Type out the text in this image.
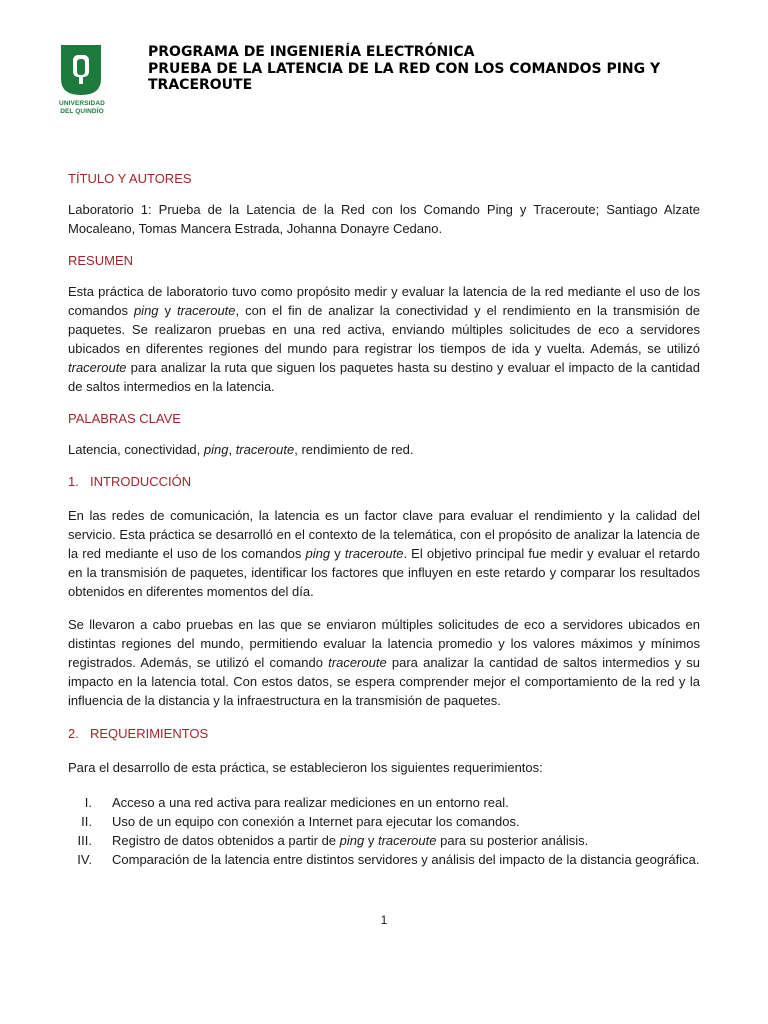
UNIVERSIDAD
DEL QUINDÍO
PROGRAMA DE INGENIERÍA ELECTRÓNICA
PRUEBA DE LA LATENCIA DE LA RED CON LOS COMANDOS PING Y
TRACEROUTE
TÍTULO Y AUTORES

Laboratorio 1: Prueba de la Latencia de la Red con los Comando Ping y Traceroute; Santiago Alzate Mocaleano, Tomas Mancera Estrada, Johanna Donayre Cedano.

RESUMEN

Esta práctica de laboratorio tuvo como propósito medir y evaluar la latencia de la red mediante el uso de los comandos ping y traceroute, con el fin de analizar la conectividad y el rendimiento en la transmisión de paquetes. Se realizaron pruebas en una red activa, enviando múltiples solicitudes de eco a servidores ubicados en diferentes regiones del mundo para registrar los tiempos de ida y vuelta. Además, se utilizó traceroute para analizar la ruta que siguen los paquetes hasta su destino y evaluar el impacto de la cantidad de saltos intermedios en la latencia.

PALABRAS CLAVE

Latencia, conectividad, ping, traceroute, rendimiento de red.

1. INTRODUCCIÓN

En las redes de comunicación, la latencia es un factor clave para evaluar el rendimiento y la calidad del servicio. Esta práctica se desarrolló en el contexto de la telemática, con el propósito de analizar la latencia de la red mediante el uso de los comandos ping y traceroute. El objetivo principal fue medir y evaluar el retardo en la transmisión de paquetes, identificar los factores que influyen en este retardo y comparar los resultados obtenidos en diferentes momentos del día.

Se llevaron a cabo pruebas en las que se enviaron múltiples solicitudes de eco a servidores ubicados en distintas regiones del mundo, permitiendo evaluar la latencia promedio y los valores máximos y mínimos registrados. Además, se utilizó el comando traceroute para analizar la cantidad de saltos intermedios y su impacto en la latencia total. Con estos datos, se espera comprender mejor el comportamiento de la red y la influencia de la distancia y la infraestructura en la transmisión de paquetes.

2. REQUERIMIENTOS

Para el desarrollo de esta práctica, se establecieron los siguientes requerimientos:

I. Acceso a una red activa para realizar mediciones en un entorno real.
II. Uso de un equipo con conexión a Internet para ejecutar los comandos.
III. Registro de datos obtenidos a partir de ping y traceroute para su posterior análisis.
IV. Comparación de la latencia entre distintos servidores y análisis del impacto de la distancia geográfica.
1
